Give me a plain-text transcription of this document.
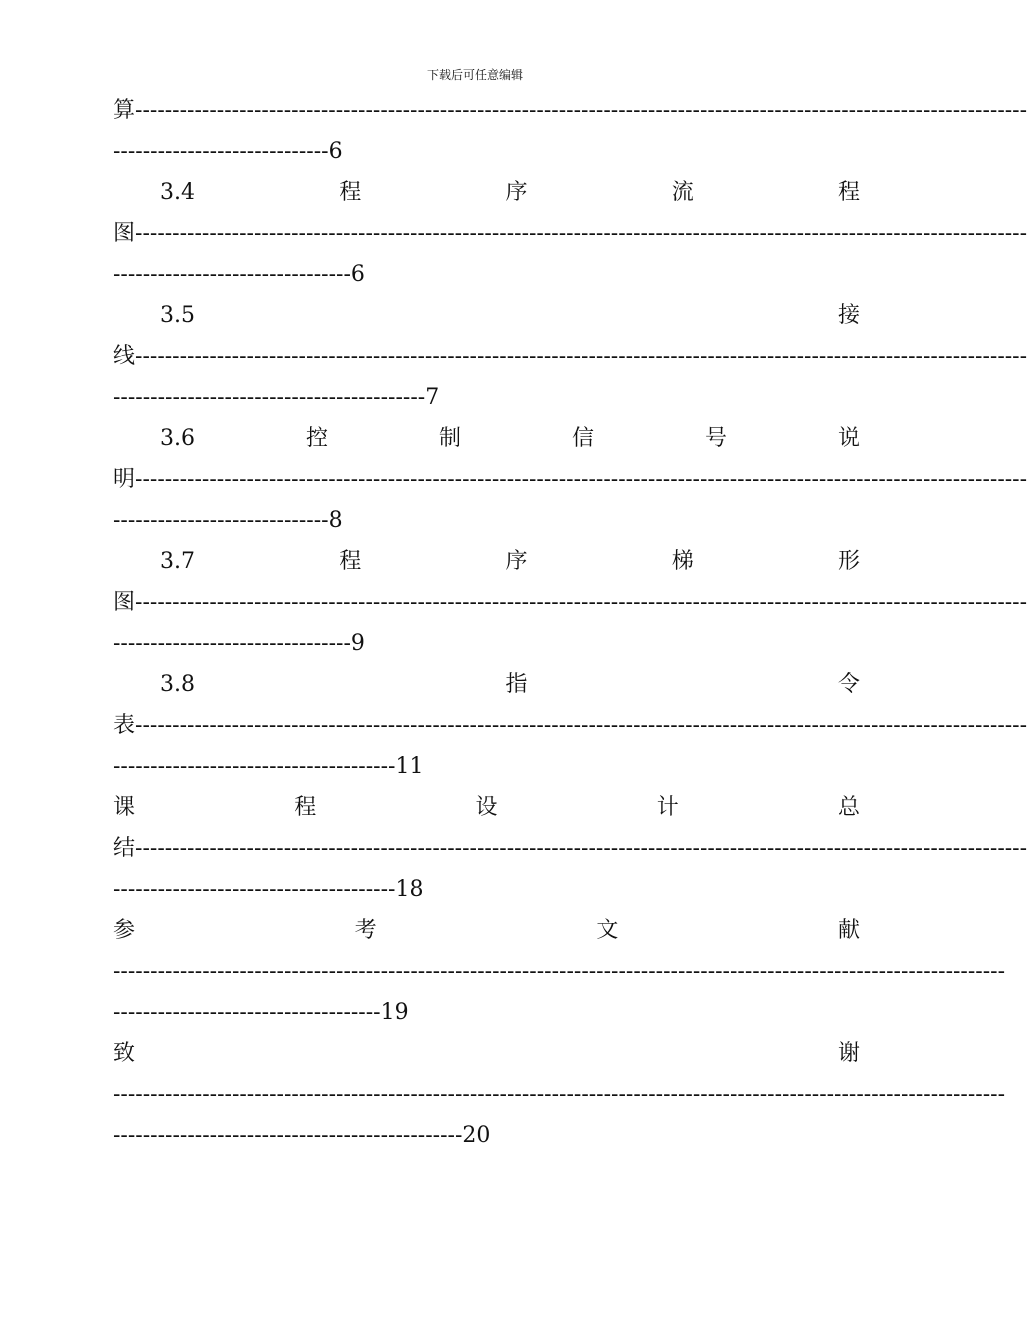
下载后可任意编辑
算 ------------------------------------------------------------------------------------------------------------------------
-----------------------------6
3.4	程	序	流	程
图 ------------------------------------------------------------------------------------------------------------------------
--------------------------------6
3.5	接
线 ------------------------------------------------------------------------------------------------------------------------
------------------------------------------7
3.6	控	制	信	号	说
明 ------------------------------------------------------------------------------------------------------------------------
-----------------------------8
3.7	程	序	梯	形
图 ------------------------------------------------------------------------------------------------------------------------
--------------------------------9
3.8	指	令
表 ------------------------------------------------------------------------------------------------------------------------
--------------------------------------11
课	程	设	计	总
结 ------------------------------------------------------------------------------------------------------------------------
--------------------------------------18
参	考	文	献
------------------------------------------------------------------------------------------------------------------------
------------------------------------19
致	谢
------------------------------------------------------------------------------------------------------------------------
-----------------------------------------------20
